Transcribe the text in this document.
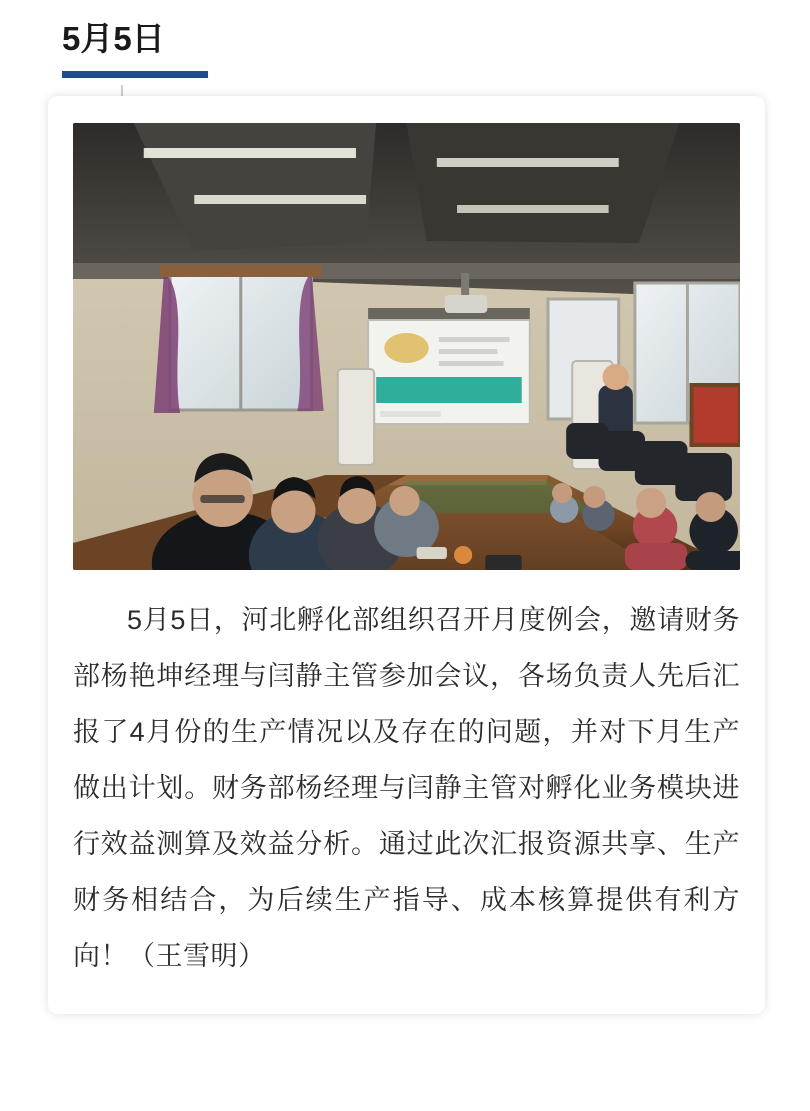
5月5日
5月5日，河北孵化部组织召开月度例会，邀请财务部杨艳坤经理与闫静主管参加会议，各场负责人先后汇报了4月份的生产情况以及存在的问题，并对下月生产做出计划。财务部杨经理与闫静主管对孵化业务模块进行效益测算及效益分析。通过此次汇报资源共享、生产财务相结合，为后续生产指导、成本核算提供有利方向！（王雪明）
